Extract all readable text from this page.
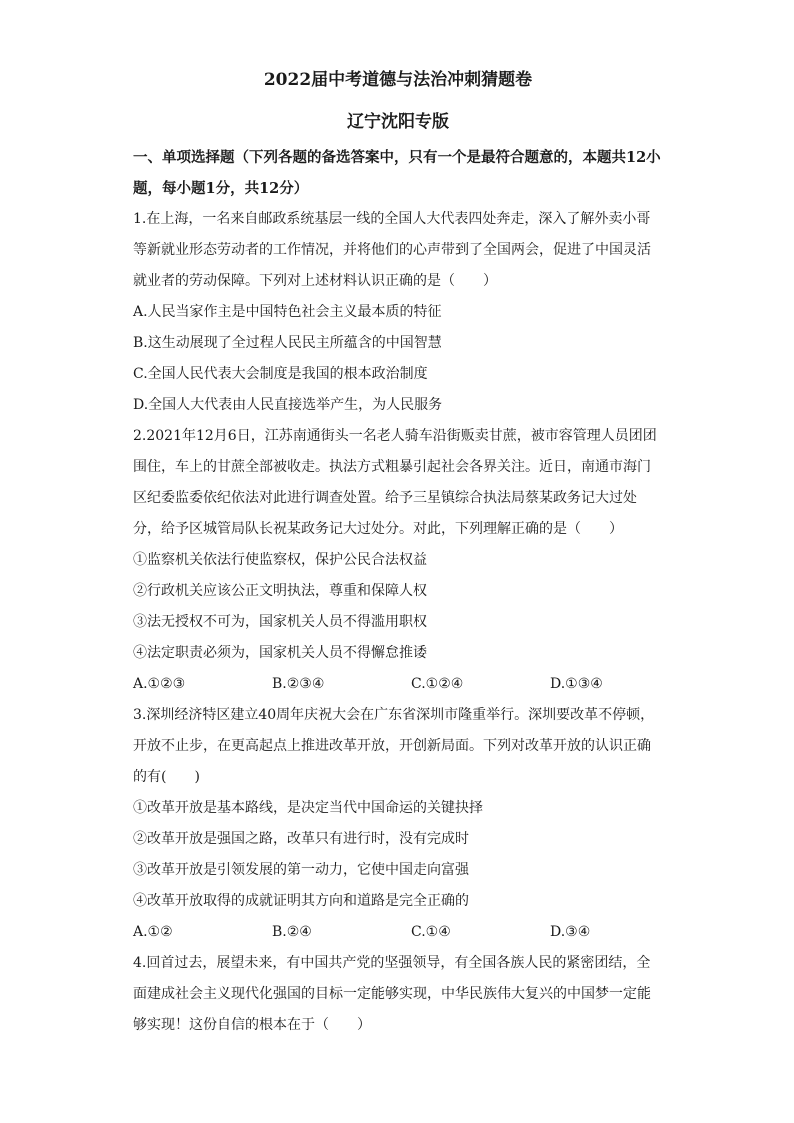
2022届中考道德与法治冲刺猜题卷

辽宁沈阳专版

一、单项选择题（下列各题的备选答案中，只有一个是最符合题意的，本题共12小

题，每小题1分，共12分）

1.在上海，一名来自邮政系统基层一线的全国人大代表四处奔走，深入了解外卖小哥

等新就业形态劳动者的工作情况，并将他们的心声带到了全国两会，促进了中国灵活

就业者的劳动保障。下列对上述材料认识正确的是（　　）

A.人民当家作主是中国特色社会主义最本质的特征

B.这生动展现了全过程人民民主所蕴含的中国智慧

C.全国人民代表大会制度是我国的根本政治制度

D.全国人大代表由人民直接选举产生，为人民服务

2.2021年12月6日，江苏南通街头一名老人骑车沿街贩卖甘蔗，被市容管理人员团团

围住，车上的甘蔗全部被收走。执法方式粗暴引起社会各界关注。近日，南通市海门

区纪委监委依纪依法对此进行调查处置。给予三星镇综合执法局蔡某政务记大过处

分，给予区城管局队长祝某政务记大过处分。对此，下列理解正确的是（　　）

①监察机关依法行使监察权，保护公民合法权益

②行政机关应该公正文明执法，尊重和保障人权

③法无授权不可为，国家机关人员不得滥用职权

④法定职责必须为，国家机关人员不得懈怠推诿

A.①②③	B.②③④	C.①②④	D.①③④

3.深圳经济特区建立40周年庆祝大会在广东省深圳市隆重举行。深圳要改革不停顿，

开放不止步，在更高起点上推进改革开放，开创新局面。下列对改革开放的认识正确

的有(　　)

①改革开放是基本路线，是决定当代中国命运的关键抉择

②改革开放是强国之路，改革只有进行时，没有完成时

③改革开放是引领发展的第一动力，它使中国走向富强

④改革开放取得的成就证明其方向和道路是完全正确的

A.①②	B.②④	C.①④	D.③④

4.回首过去，展望未来，有中国共产党的坚强领导，有全国各族人民的紧密团结，全

面建成社会主义现代化强国的目标一定能够实现，中华民族伟大复兴的中国梦一定能

够实现！这份自信的根本在于（　　）
